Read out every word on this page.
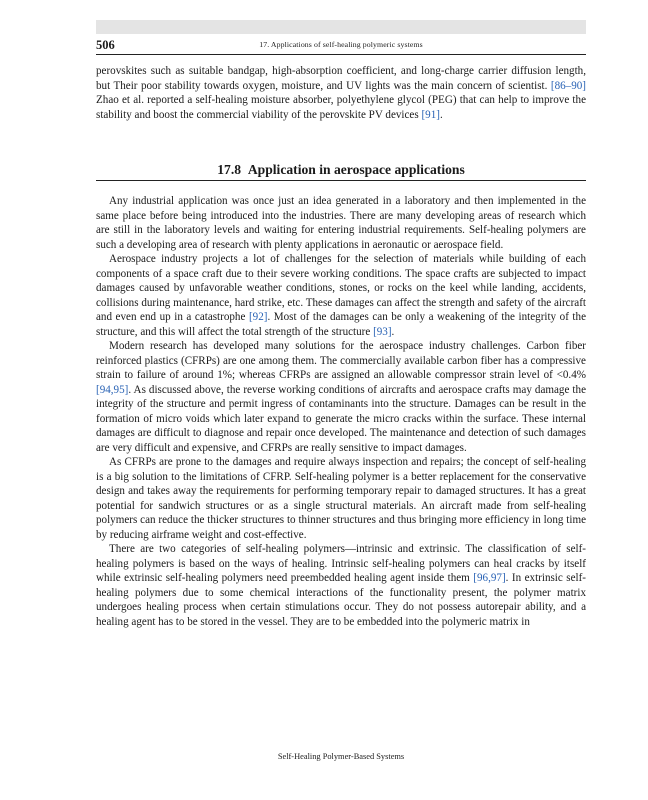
506	17. Applications of self-healing polymeric systems

perovskites such as suitable bandgap, high-absorption coefficient, and long-charge carrier diffusion length, but Their poor stability towards oxygen, moisture, and UV lights was the main concern of scientist. [86–90] Zhao et al. reported a self-healing moisture absorber, polyethylene glycol (PEG) that can help to improve the stability and boost the commercial viability of the perovskite PV devices [91].

17.8 Application in aerospace applications

Any industrial application was once just an idea generated in a laboratory and then implemented in the same place before being introduced into the industries. There are many developing areas of research which are still in the laboratory levels and waiting for entering industrial requirements. Self-healing polymers are such a developing area of research with plenty applications in aeronautic or aerospace field.

Aerospace industry projects a lot of challenges for the selection of materials while building of each components of a space craft due to their severe working conditions. The space crafts are subjected to impact damages caused by unfavorable weather conditions, stones, or rocks on the keel while landing, accidents, collisions during maintenance, hard strike, etc. These damages can affect the strength and safety of the aircraft and even end up in a catastrophe [92]. Most of the damages can be only a weakening of the integrity of the structure, and this will affect the total strength of the structure [93].

Modern research has developed many solutions for the aerospace industry challenges. Carbon fiber reinforced plastics (CFRPs) are one among them. The commercially available carbon fiber has a compressive strain to failure of around 1%; whereas CFRPs are assigned an allowable compressor strain level of <0.4% [94,95]. As discussed above, the reverse working conditions of aircrafts and aerospace crafts may damage the integrity of the structure and permit ingress of contaminants into the structure. Damages can be result in the formation of micro voids which later expand to generate the micro cracks within the surface. These internal damages are difficult to diagnose and repair once developed. The maintenance and detection of such damages are very difficult and expensive, and CFRPs are really sensitive to impact damages.

As CFRPs are prone to the damages and require always inspection and repairs; the concept of self-healing is a big solution to the limitations of CFRP. Self-healing polymer is a better replacement for the conservative design and takes away the requirements for performing temporary repair to damaged structures. It has a great potential for sandwich structures or as a single structural materials. An aircraft made from self-healing polymers can reduce the thicker structures to thinner structures and thus bringing more efficiency in long time by reducing airframe weight and cost-effective.

There are two categories of self-healing polymers—intrinsic and extrinsic. The classification of self-healing polymers is based on the ways of healing. Intrinsic self-healing polymers can heal cracks by itself while extrinsic self-healing polymers need preembedded healing agent inside them [96,97]. In extrinsic self-healing polymers due to some chemical interactions of the functionality present, the polymer matrix undergoes healing process when certain stimulations occur. They do not possess autorepair ability, and a healing agent has to be stored in the vessel. They are to be embedded into the polymeric matrix in

Self-Healing Polymer-Based Systems
